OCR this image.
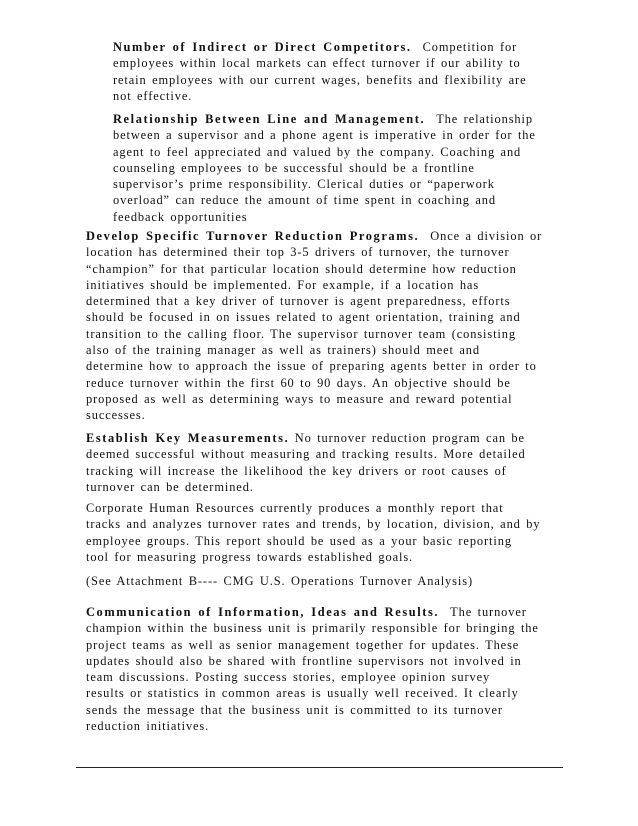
Number of Indirect or Direct Competitors. Competition for
employees within local markets can effect turnover if our ability to
retain employees with our current wages, benefits and flexibility are
not effective.

Relationship Between Line and Management. The relationship
between a supervisor and a phone agent is imperative in order for the
agent to feel appreciated and valued by the company. Coaching and
counseling employees to be successful should be a frontline
supervisor’s prime responsibility. Clerical duties or “paperwork
overload” can reduce the amount of time spent in coaching and
feedback opportunities

Develop Specific Turnover Reduction Programs. Once a division or
location has determined their top 3-5 drivers of turnover, the turnover
“champion” for that particular location should determine how reduction
initiatives should be implemented. For example, if a location has
determined that a key driver of turnover is agent preparedness, efforts
should be focused in on issues related to agent orientation, training and
transition to the calling floor. The supervisor turnover team (consisting
also of the training manager as well as trainers) should meet and
determine how to approach the issue of preparing agents better in order to
reduce turnover within the first 60 to 90 days. An objective should be
proposed as well as determining ways to measure and reward potential
successes.

Establish Key Measurements. No turnover reduction program can be
deemed successful without measuring and tracking results. More detailed
tracking will increase the likelihood the key drivers or root causes of
turnover can be determined.

Corporate Human Resources currently produces a monthly report that
tracks and analyzes turnover rates and trends, by location, division, and by
employee groups. This report should be used as a your basic reporting
tool for measuring progress towards established goals.

(See Attachment B---- CMG U.S. Operations Turnover Analysis)

Communication of Information, Ideas and Results. The turnover
champion within the business unit is primarily responsible for bringing the
project teams as well as senior management together for updates. These
updates should also be shared with frontline supervisors not involved in
team discussions. Posting success stories, employee opinion survey
results or statistics in common areas is usually well received. It clearly
sends the message that the business unit is committed to its turnover
reduction initiatives.
